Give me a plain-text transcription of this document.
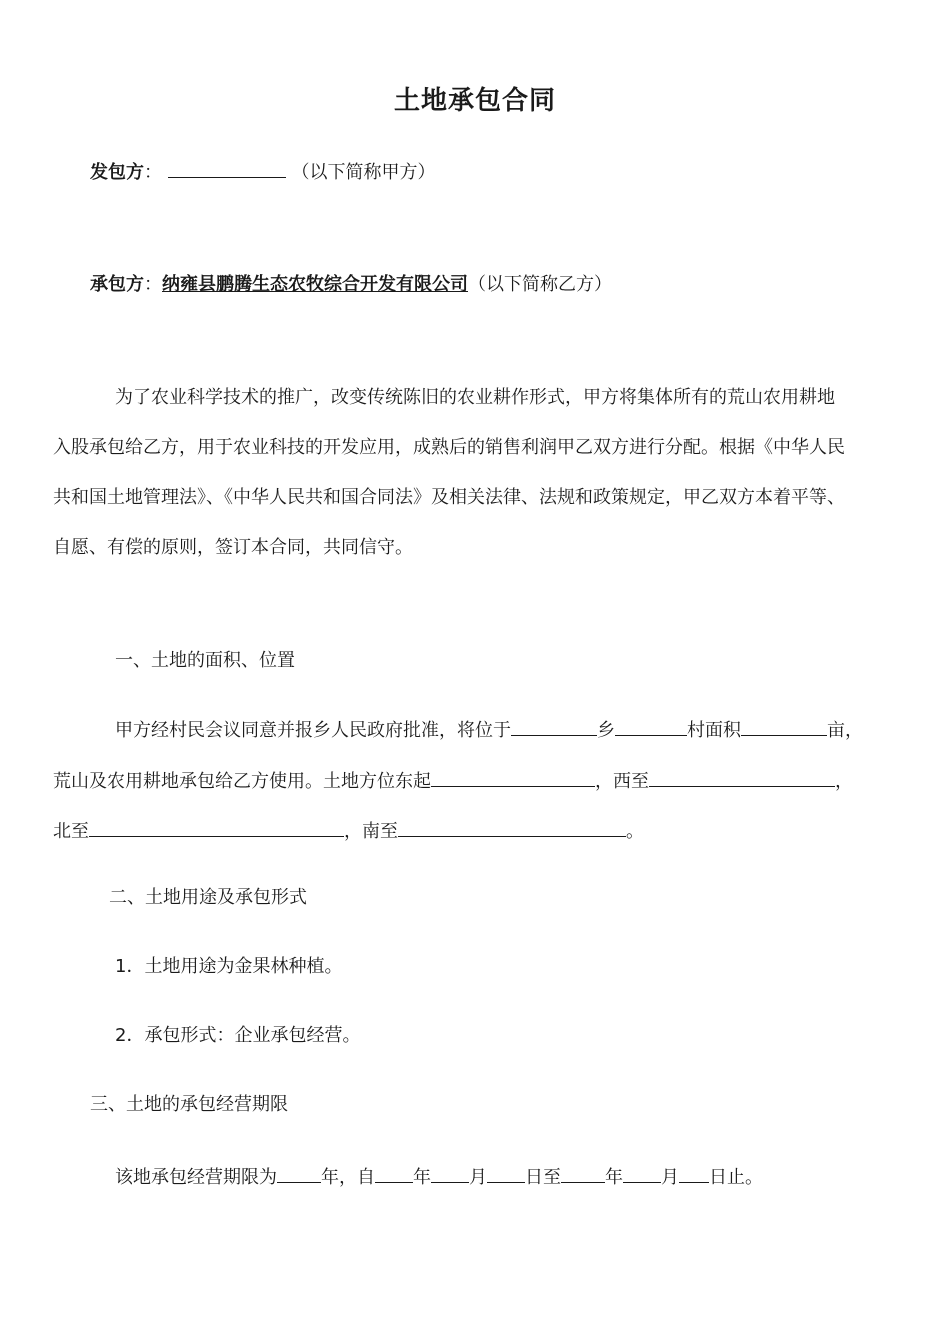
土地承包合同
发包方：	（以下简称甲方）
承包方：纳雍县鹏腾生态农牧综合开发有限公司（以下简称乙方）
为了农业科学技术的推广，改变传统陈旧的农业耕作形式，甲方将集体所有的荒山农用耕地
入股承包给乙方，用于农业科技的开发应用，成熟后的销售利润甲乙双方进行分配。根据《中华人民
共和国土地管理法》、《中华人民共和国合同法》及相关法律、法规和政策规定，甲乙双方本着平等、
自愿、有偿的原则，签订本合同，共同信守。
一、土地的面积、位置
甲方经村民会议同意并报乡人民政府批准，将位于	乡	村面积	亩，
荒山及农用耕地承包给乙方使用。土地方位东起	，西至	，
北至	，南至	。
二、土地用途及承包形式
1．土地用途为金果林种植。
2．承包形式：企业承包经营。
三、土地的承包经营期限
该地承包经营期限为 年，自 年 月 日至 年 月 日止。
